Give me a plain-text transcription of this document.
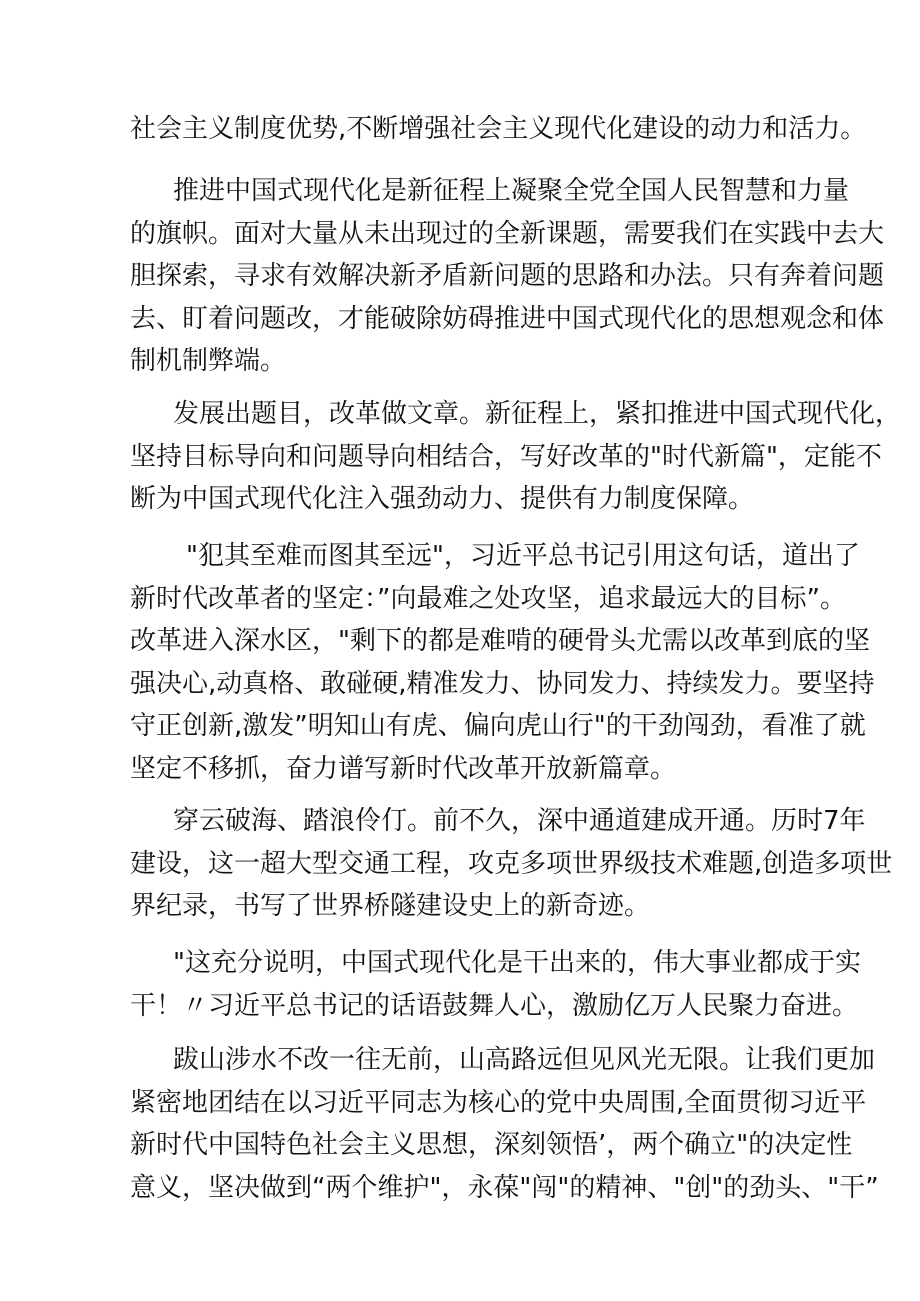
社会主义制度优势,不断增强社会主义现代化建设的动力和活力。
推进中国式现代化是新征程上凝聚全党全国人民智慧和力量
的旗帜。面对大量从未出现过的全新课题，需要我们在实践中去大
胆探索，寻求有效解决新矛盾新问题的思路和办法。只有奔着问题
去、盯着问题改，才能破除妨碍推进中国式现代化的思想观念和体
制机制弊端。
发展出题目，改革做文章。新征程上，紧扣推进中国式现代化，
坚持目标导向和问题导向相结合，写好改革的"时代新篇"，定能不
断为中国式现代化注入强劲动力、提供有力制度保障。
"犯其至难而图其至远"，习近平总书记引用这句话，道出了
新时代改革者的坚定：”向最难之处攻坚，追求最远大的目标”。
改革进入深水区，"剩下的都是难啃的硬骨头尤需以改革到底的坚
强决心,动真格、敢碰硬,精准发力、协同发力、持续发力。要坚持
守正创新,激发”明知山有虎、偏向虎山行"的干劲闯劲，看准了就
坚定不移抓，奋力谱写新时代改革开放新篇章。
穿云破海、踏浪伶仃。前不久，深中通道建成开通。历时7年
建设，这一超大型交通工程，攻克多项世界级技术难题,创造多项世
界纪录，书写了世界桥隧建设史上的新奇迹。
"这充分说明，中国式现代化是干出来的，伟大事业都成于实
干！〃习近平总书记的话语鼓舞人心，激励亿万人民聚力奋进。
跋山涉水不改一往无前，山高路远但见风光无限。让我们更加
紧密地团结在以习近平同志为核心的党中央周围,全面贯彻习近平
新时代中国特色社会主义思想，深刻领悟’，两个确立"的决定性
意义，坚决做到“两个维护"，永葆"闯"的精神、"创"的劲头、"干”
